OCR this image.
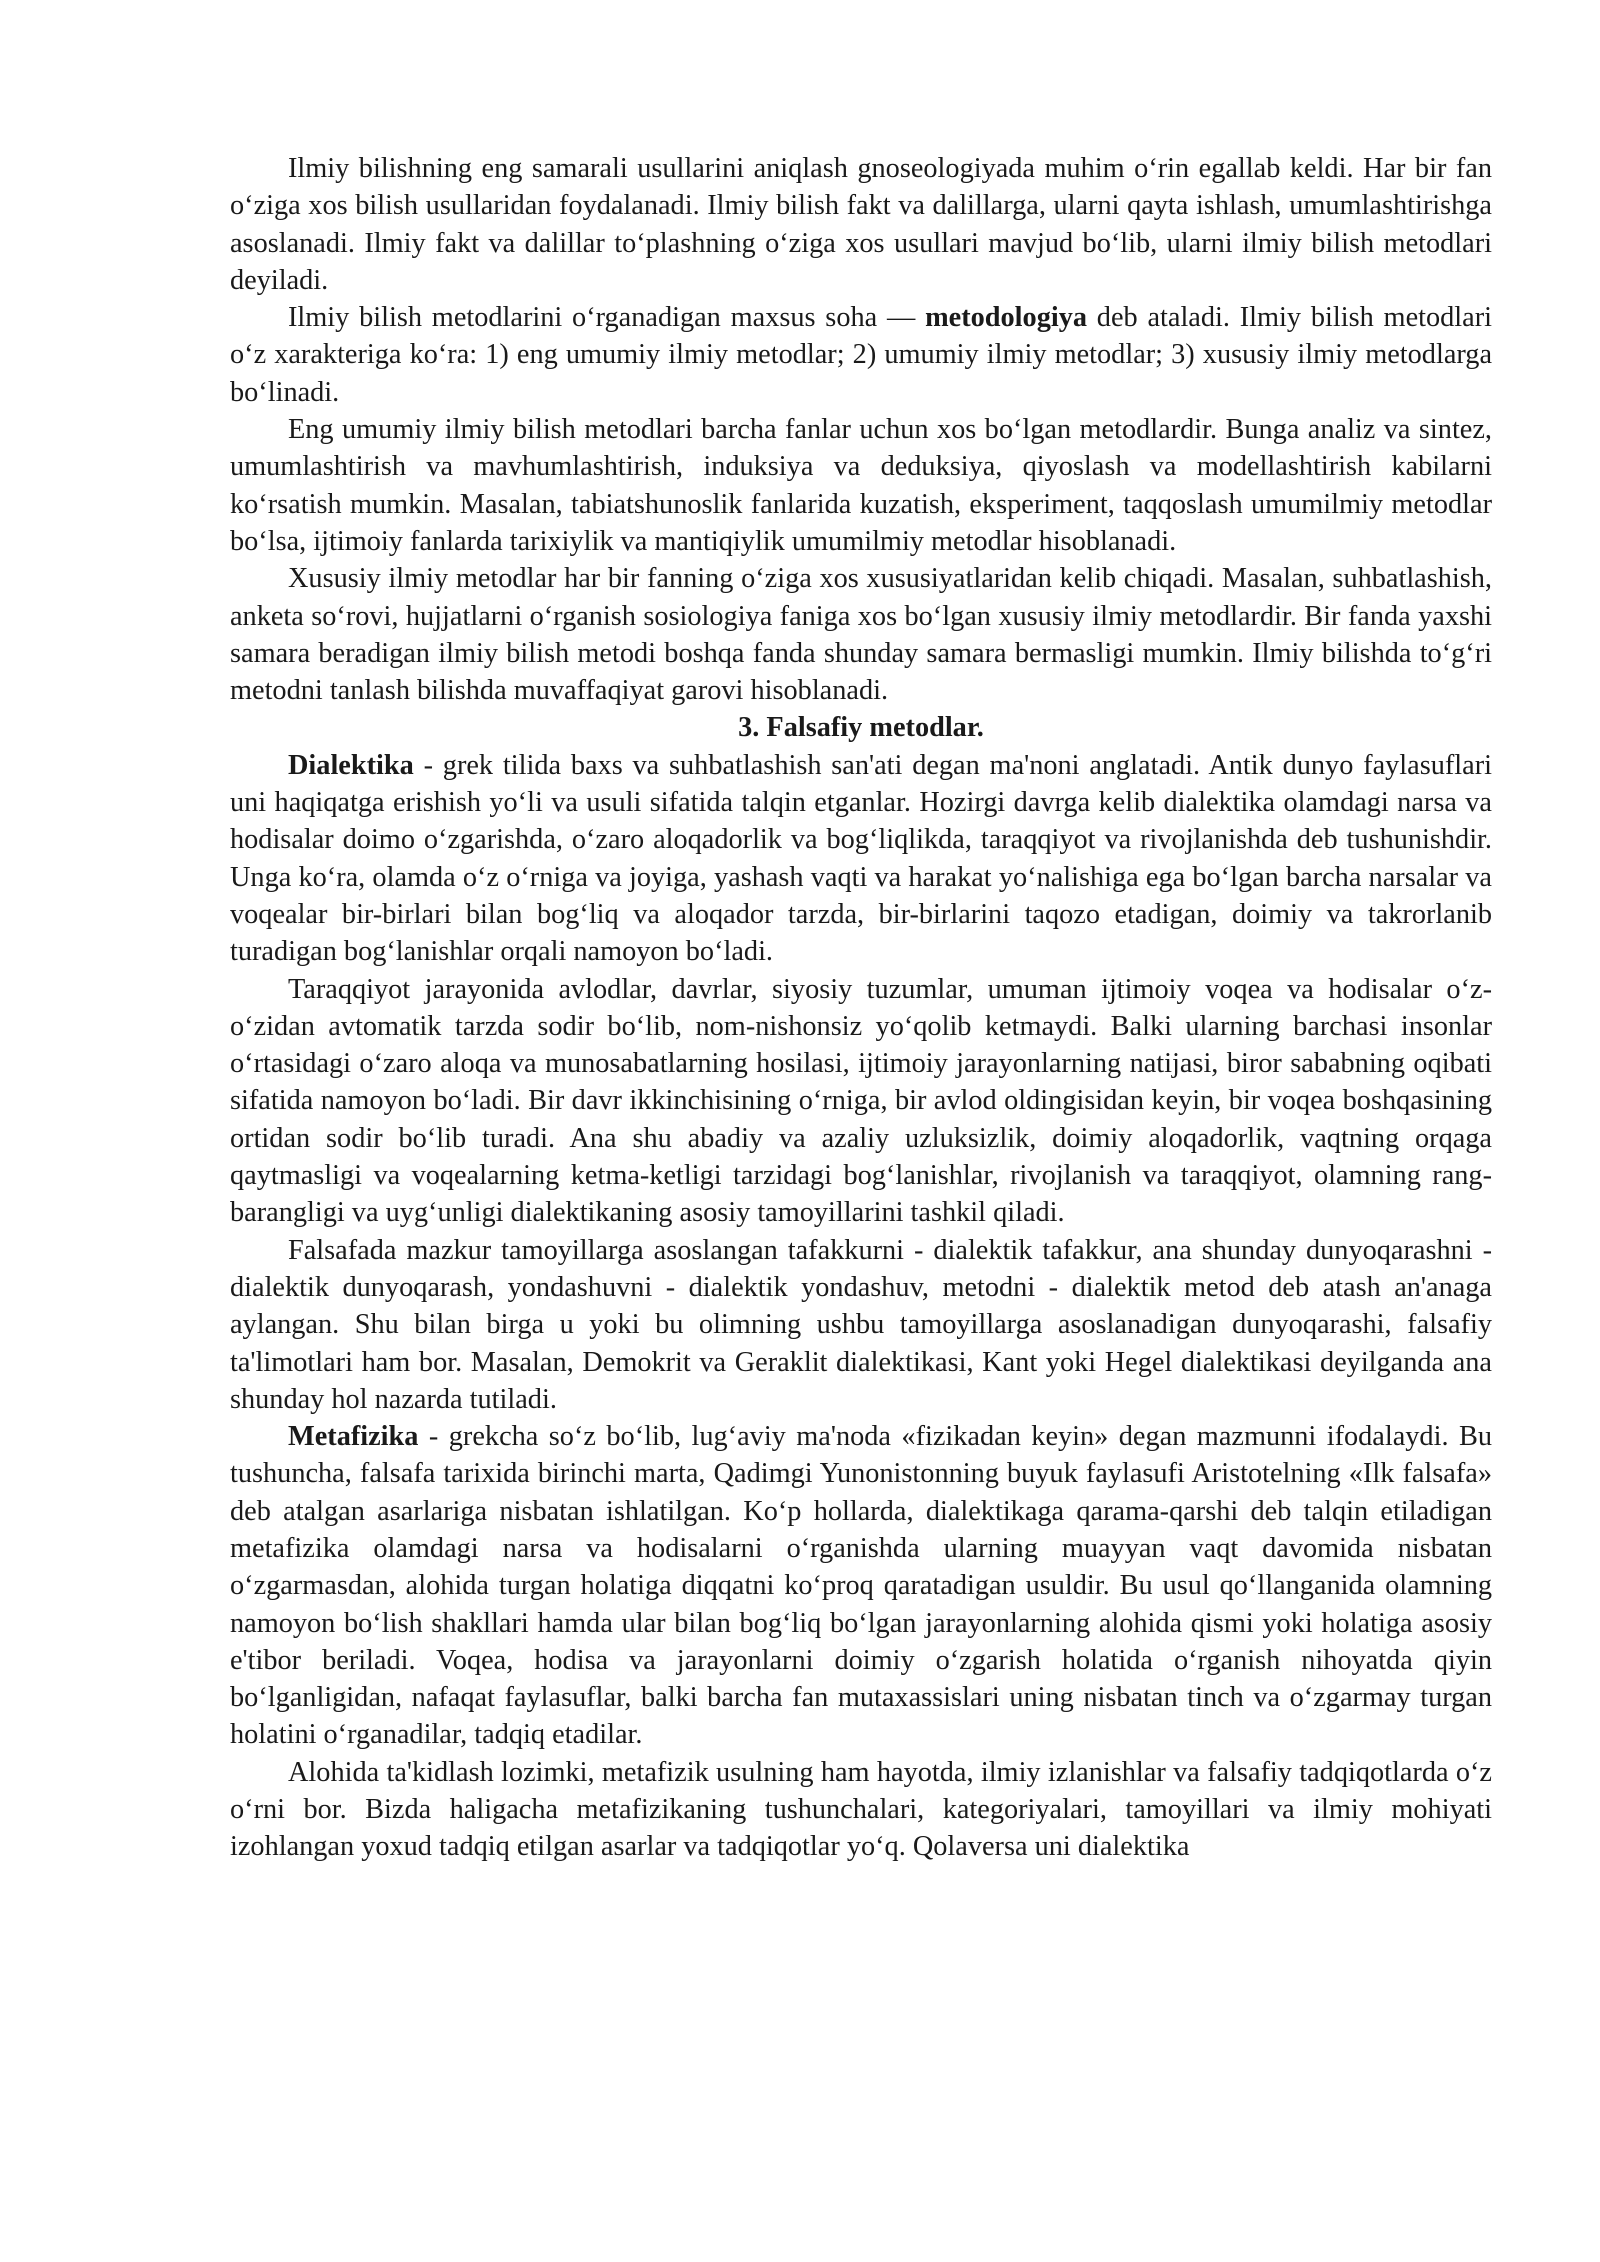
Ilmiy bilishning eng samarali usullarini aniqlash gnoseologiyada muhim o‘rin egallab keldi. Har bir fan o‘ziga xos bilish usullaridan foydalanadi. Ilmiy bilish fakt va dalillarga, ularni qayta ishlash, umumlashtirishga asoslanadi. Ilmiy fakt va dalillar to‘plashning o‘ziga xos usullari mavjud bo‘lib, ularni ilmiy bilish metodlari deyiladi.

Ilmiy bilish metodlarini o‘rganadigan maxsus soha — metodologiya deb ataladi. Ilmiy bilish metodlari o‘z xarakteriga ko‘ra: 1) eng umumiy ilmiy metodlar; 2) umumiy ilmiy metodlar; 3) xususiy ilmiy metodlarga bo‘linadi.

Eng umumiy ilmiy bilish metodlari barcha fanlar uchun xos bo‘lgan metodlardir. Bunga analiz va sintez, umumlashtirish va mavhumlashtirish, induksiya va deduksiya, qiyoslash va modellashtirish kabilarni ko‘rsatish mumkin. Masalan, tabiatshunoslik fanlarida kuzatish, eksperiment, taqqoslash umumilmiy metodlar bo‘lsa, ijtimoiy fanlarda tarixiylik va mantiqiylik umumilmiy metodlar hisoblanadi.

Xususiy ilmiy metodlar har bir fanning o‘ziga xos xususiyatlaridan kelib chiqadi. Masalan, suhbatlashish, anketa so‘rovi, hujjatlarni o‘rganish sosiologiya faniga xos bo‘lgan xususiy ilmiy metodlardir. Bir fanda yaxshi samara beradigan ilmiy bilish metodi boshqa fanda shunday samara bermasligi mumkin. Ilmiy bilishda to‘g‘ri metodni tanlash bilishda muvaffaqiyat garovi hisoblanadi.

3. Falsafiy metodlar.

Dialektika - grek tilida baxs va suhbatlashish san'ati degan ma'noni anglatadi. Antik dunyo faylasuflari uni haqiqatga erishish yo‘li va usuli sifatida talqin etganlar. Hozirgi davrga kelib dialektika olamdagi narsa va hodisalar doimo o‘zgarishda, o‘zaro aloqadorlik va bog‘liqlikda, taraqqiyot va rivojlanishda deb tushunishdir. Unga ko‘ra, olamda o‘z o‘rniga va joyiga, yashash vaqti va harakat yo‘nalishiga ega bo‘lgan barcha narsalar va voqealar bir-birlari bilan bog‘liq va aloqador tarzda, bir-birlarini taqozo etadigan, doimiy va takrorlanib turadigan bog‘lanishlar orqali namoyon bo‘ladi.

Taraqqiyot jarayonida avlodlar, davrlar, siyosiy tuzumlar, umuman ijtimoiy voqea va hodisalar o‘z-o‘zidan avtomatik tarzda sodir bo‘lib, nom-nishonsiz yo‘qolib ketmaydi. Balki ularning barchasi insonlar o‘rtasidagi o‘zaro aloqa va munosabatlarning hosilasi, ijtimoiy jarayonlarning natijasi, biror sababning oqibati sifatida namoyon bo‘ladi. Bir davr ikkinchisining o‘rniga, bir avlod oldingisidan keyin, bir voqea boshqasining ortidan sodir bo‘lib turadi. Ana shu abadiy va azaliy uzluksizlik, doimiy aloqadorlik, vaqtning orqaga qaytmasligi va voqealarning ketma-ketligi tarzidagi bog‘lanishlar, rivojlanish va taraqqiyot, olamning rang-barangligi va uyg‘unligi dialektikaning asosiy tamoyillarini tashkil qiladi.

Falsafada mazkur tamoyillarga asoslangan tafakkurni - dialektik tafakkur, ana shunday dunyoqarashni - dialektik dunyoqarash, yondashuvni - dialektik yondashuv, metodni - dialektik metod deb atash an'anaga aylangan. Shu bilan birga u yoki bu olimning ushbu tamoyillarga asoslanadigan dunyoqarashi, falsafiy ta'limotlari ham bor. Masalan, Demokrit va Geraklit dialektikasi, Kant yoki Hegel dialektikasi deyilganda ana shunday hol nazarda tutiladi.

Metafizika - grekcha so‘z bo‘lib, lug‘aviy ma'noda «fizikadan keyin» degan mazmunni ifodalaydi. Bu tushuncha, falsafa tarixida birinchi marta, Qadimgi Yunonistonning buyuk faylasufi Aristotelning «Ilk falsafa» deb atalgan asarlariga nisbatan ishlatilgan. Ko‘p hollarda, dialektikaga qarama-qarshi deb talqin etiladigan metafizika olamdagi narsa va hodisalarni o‘rganishda ularning muayyan vaqt davomida nisbatan o‘zgarmasdan, alohida turgan holatiga diqqatni ko‘proq qaratadigan usuldir. Bu usul qo‘llanganida olamning namoyon bo‘lish shakllari hamda ular bilan bog‘liq bo‘lgan jarayonlarning alohida qismi yoki holatiga asosiy e'tibor beriladi. Voqea, hodisa va jarayonlarni doimiy o‘zgarish holatida o‘rganish nihoyatda qiyin bo‘lganligidan, nafaqat faylasuflar, balki barcha fan mutaxassislari uning nisbatan tinch va o‘zgarmay turgan holatini o‘rganadilar, tadqiq etadilar.

Alohida ta'kidlash lozimki, metafizik usulning ham hayotda, ilmiy izlanishlar va falsafiy tadqiqotlarda o‘z o‘rni bor. Bizda haligacha metafizikaning tushunchalari, kategoriyalari, tamoyillari va ilmiy mohiyati izohlangan yoxud tadqiq etilgan asarlar va tadqiqotlar yo‘q. Qolaversa uni dialektika
